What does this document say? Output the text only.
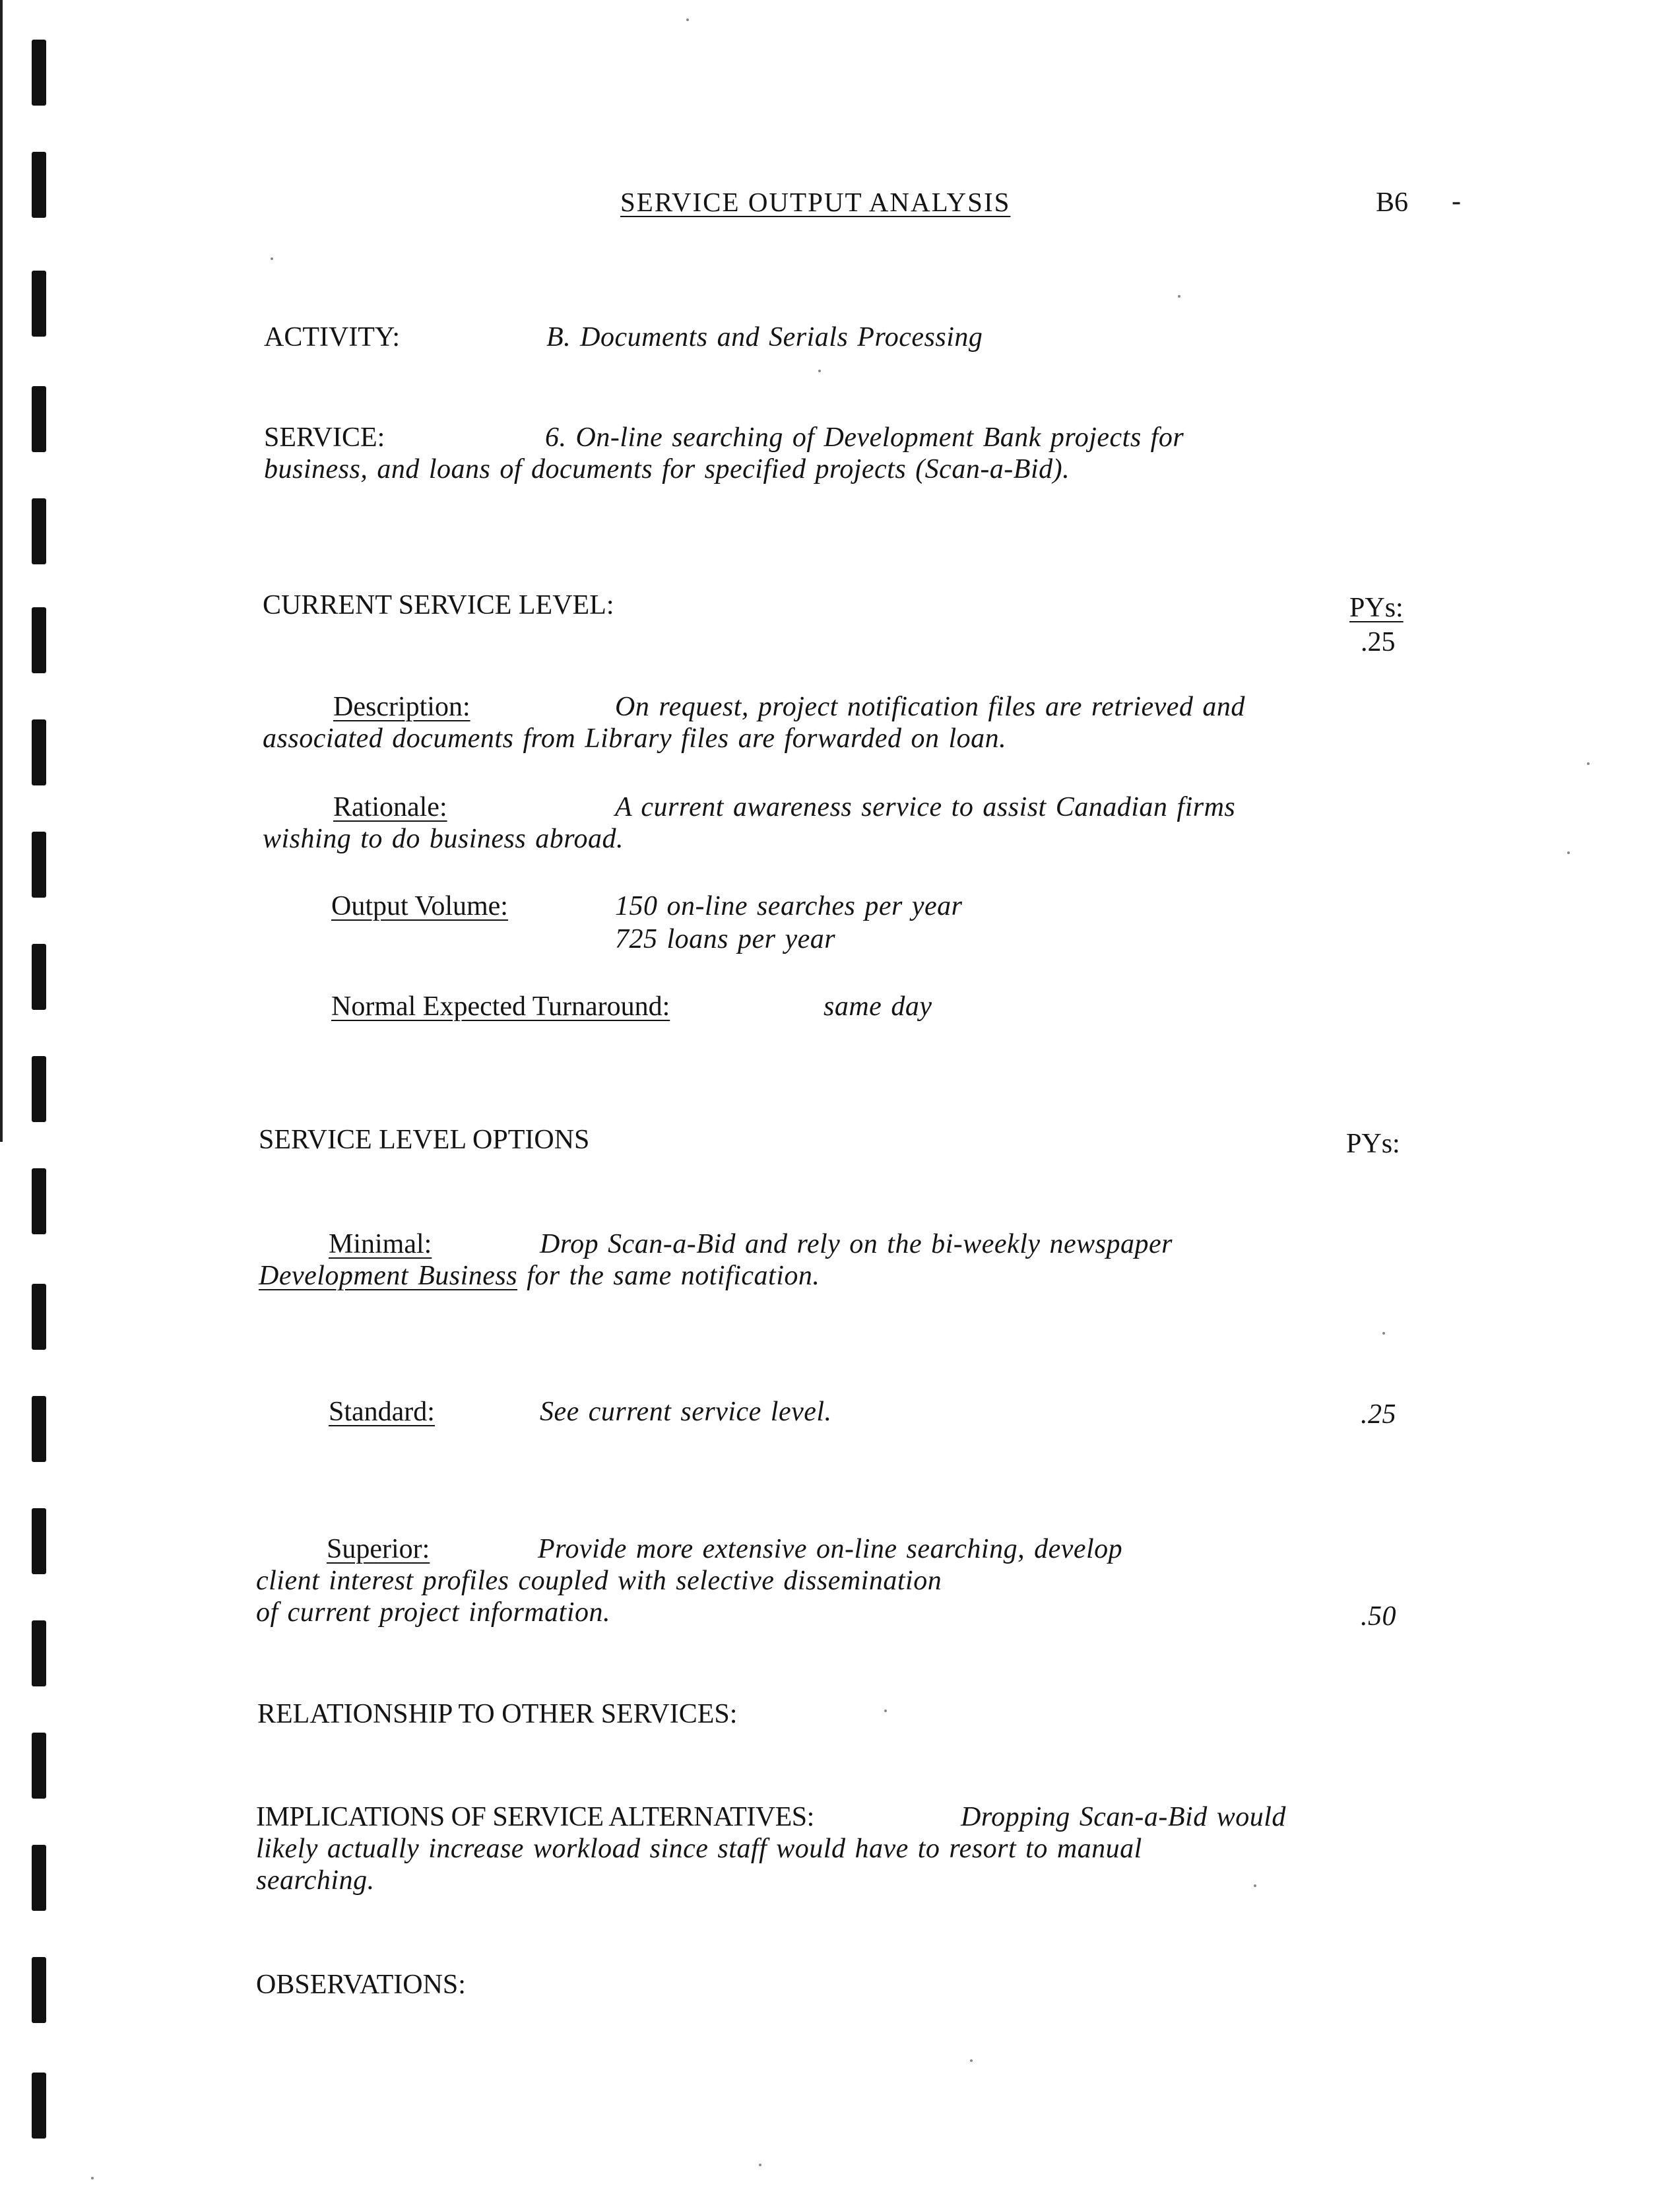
SERVICE OUTPUT ANALYSIS	B6 -
ACTIVITY:	B. Documents and Serials Processing
SERVICE:	6. On-line searching of Development Bank projects for
business, and loans of documents for specified projects (Scan-a-Bid).
CURRENT SERVICE LEVEL:	PYs:
.25
Description:	On request, project notification files are retrieved and
associated documents from Library files are forwarded on loan.
Rationale:	A current awareness service to assist Canadian firms
wishing to do business abroad.
Output Volume:	150 on-line searches per year
725 loans per year
Normal Expected Turnaround:	same day
SERVICE LEVEL OPTIONS	PYs:
Minimal:	Drop Scan-a-Bid and rely on the bi-weekly newspaper
Development Business for the same notification.
Standard:	See current service level.	.25
Superior:	Provide more extensive on-line searching, develop
client interest profiles coupled with selective dissemination
of current project information.	.50
RELATIONSHIP TO OTHER SERVICES:
IMPLICATIONS OF SERVICE ALTERNATIVES:	Dropping Scan-a-Bid would
likely actually increase workload since staff would have to resort to manual
searching.
OBSERVATIONS:
